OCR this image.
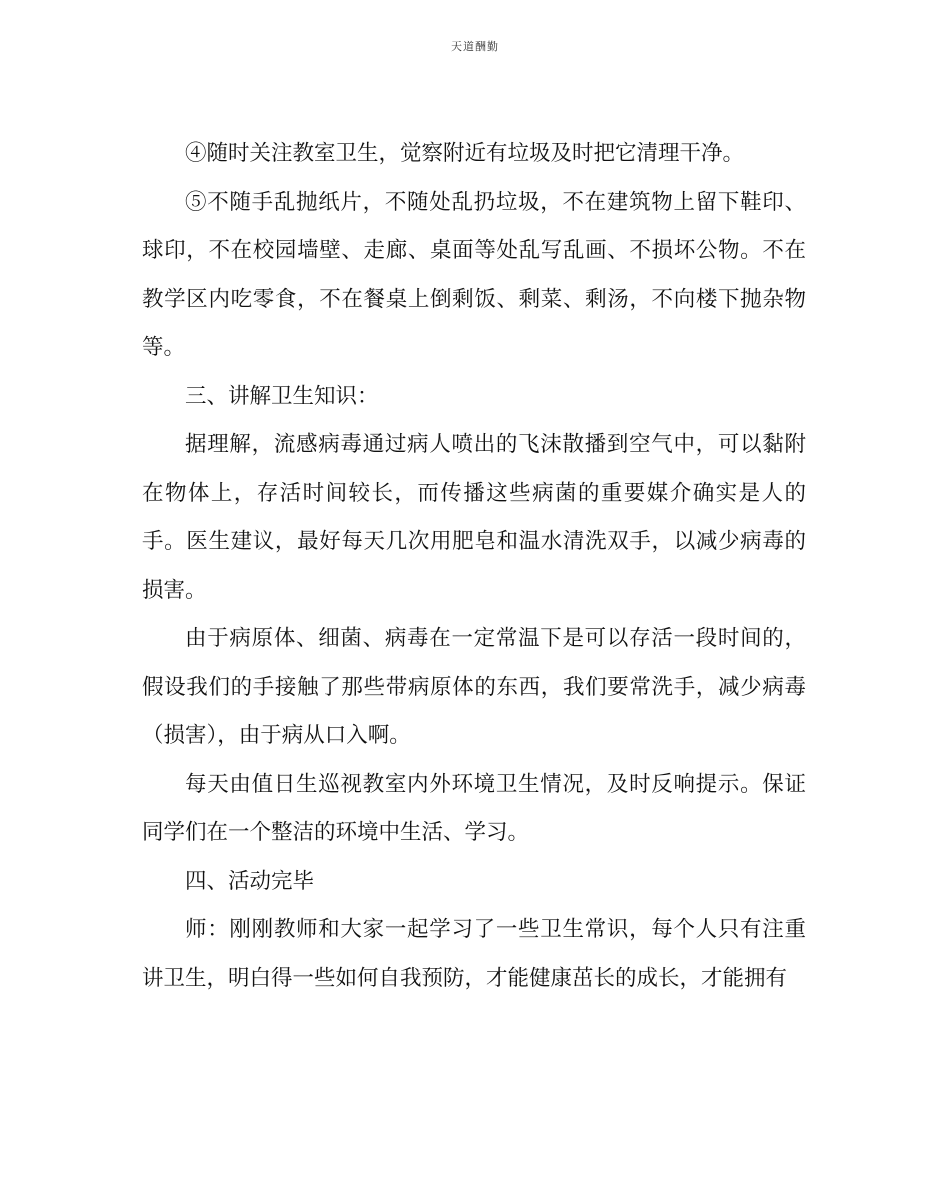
天道酬勤

④随时关注教室卫生，觉察附近有垃圾及时把它清理干净。

⑤不随手乱抛纸片，不随处乱扔垃圾，不在建筑物上留下鞋印、球印，不在校园墙壁、走廊、桌面等处乱写乱画、不损坏公物。不在教学区内吃零食，不在餐桌上倒剩饭、剩菜、剩汤，不向楼下抛杂物等。

三、讲解卫生知识：

据理解，流感病毒通过病人喷出的飞沫散播到空气中，可以黏附在物体上，存活时间较长，而传播这些病菌的重要媒介确实是人的手。医生建议，最好每天几次用肥皂和温水清洗双手，以减少病毒的损害。

由于病原体、细菌、病毒在一定常温下是可以存活一段时间的，假设我们的手接触了那些带病原体的东西，我们要常洗手，减少病毒（损害），由于病从口入啊。

每天由值日生巡视教室内外环境卫生情况，及时反响提示。保证同学们在一个整洁的环境中生活、学习。

四、活动完毕

师：刚刚教师和大家一起学习了一些卫生常识，每个人只有注重讲卫生，明白得一些如何自我预防，才能健康茁长的成长，才能拥有
